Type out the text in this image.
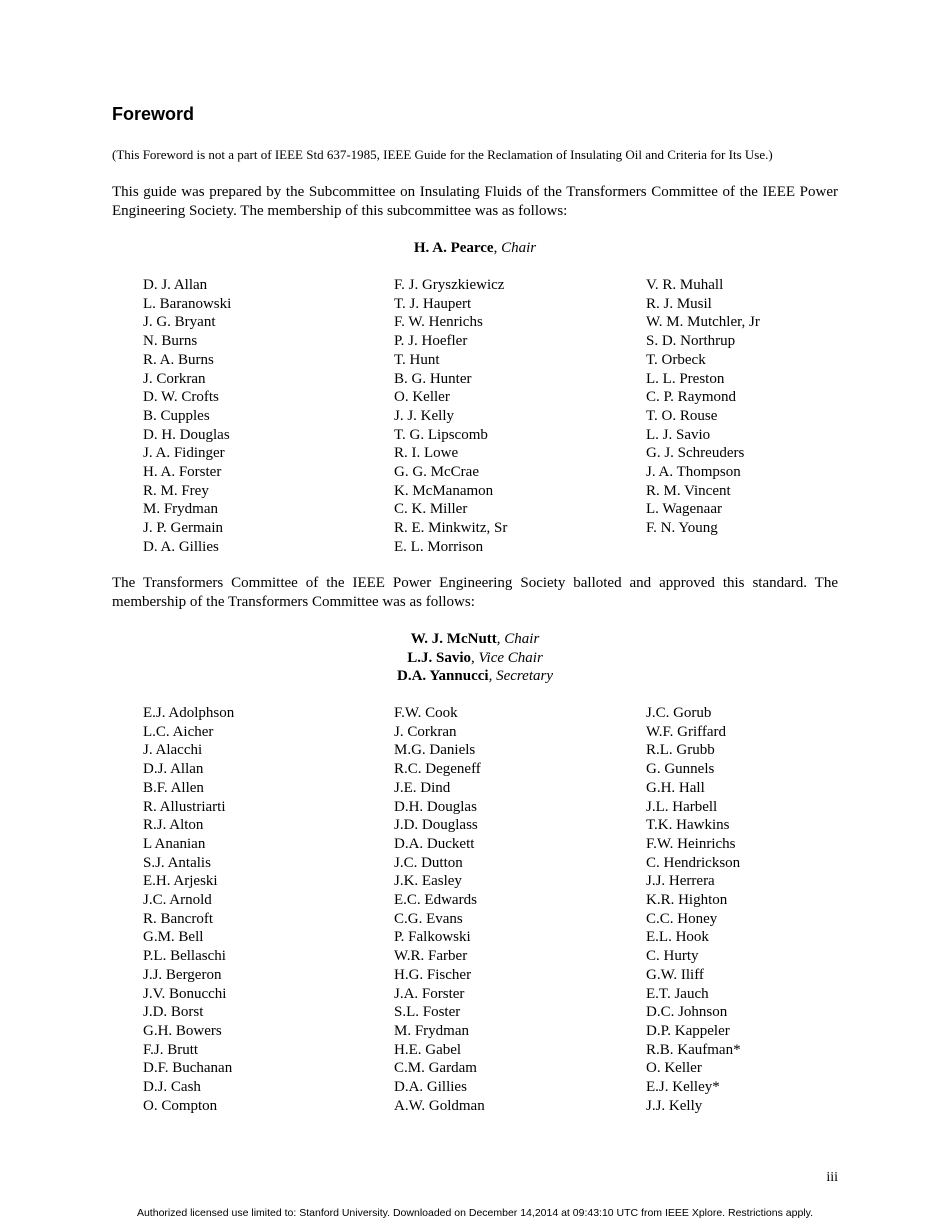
Foreword
(This Foreword is not a part of IEEE Std 637-1985, IEEE Guide for the Reclamation of Insulating Oil and Criteria for Its Use.)

This guide was prepared by the Subcommittee on Insulating Fluids of the Transformers Committee of the IEEE Power Engineering Society. The membership of this subcommittee was as follows:

H. A. Pearce, Chair
D. J. Allan
L. Baranowski
J. G. Bryant
N. Burns
R. A. Burns
J. Corkran
D. W. Crofts
B. Cupples
D. H. Douglas
J. A. Fidinger
H. A. Forster
R. M. Frey
M. Frydman
J. P. Germain
D. A. Gillies
F. J. Gryszkiewicz
T. J. Haupert
F. W. Henrichs
P. J. Hoefler
T. Hunt
B. G. Hunter
O. Keller
J. J. Kelly
T. G. Lipscomb
R. I. Lowe
G. G. McCrae
K. McManamon
C. K. Miller
R. E. Minkwitz, Sr
E. L. Morrison
V. R. Muhall
R. J. Musil
W. M. Mutchler, Jr
S. D. Northrup
T. Orbeck
L. L. Preston
C. P. Raymond
T. O. Rouse
L. J. Savio
G. J. Schreuders
J. A. Thompson
R. M. Vincent
L. Wagenaar
F. N. Young

The Transformers Committee of the IEEE Power Engineering Society balloted and approved this standard. The membership of the Transformers Committee was as follows:

W. J. McNutt, Chair
L.J. Savio, Vice Chair
D.A. Yannucci, Secretary
E.J. Adolphson
L.C. Aicher
J. Alacchi
D.J. Allan
B.F. Allen
R. Allustriarti
R.J. Alton
L Ananian
S.J. Antalis
E.H. Arjeski
J.C. Arnold
R. Bancroft
G.M. Bell
P.L. Bellaschi
J.J. Bergeron
J.V. Bonucchi
J.D. Borst
G.H. Bowers
F.J. Brutt
D.F. Buchanan
D.J. Cash
O. Compton
F.W. Cook
J. Corkran
M.G. Daniels
R.C. Degeneff
J.E. Dind
D.H. Douglas
J.D. Douglass
D.A. Duckett
J.C. Dutton
J.K. Easley
E.C. Edwards
C.G. Evans
P. Falkowski
W.R. Farber
H.G. Fischer
J.A. Forster
S.L. Foster
M. Frydman
H.E. Gabel
C.M. Gardam
D.A. Gillies
A.W. Goldman
J.C. Gorub
W.F. Griffard
R.L. Grubb
G. Gunnels
G.H. Hall
J.L. Harbell
T.K. Hawkins
F.W. Heinrichs
C. Hendrickson
J.J. Herrera
K.R. Highton
C.C. Honey
E.L. Hook
C. Hurty
G.W. Iliff
E.T. Jauch
D.C. Johnson
D.P. Kappeler
R.B. Kaufman*
O. Keller
E.J. Kelley*
J.J. Kelly
iii
Authorized licensed use limited to: Stanford University. Downloaded on December 14,2014 at 09:43:10 UTC from IEEE Xplore. Restrictions apply.
